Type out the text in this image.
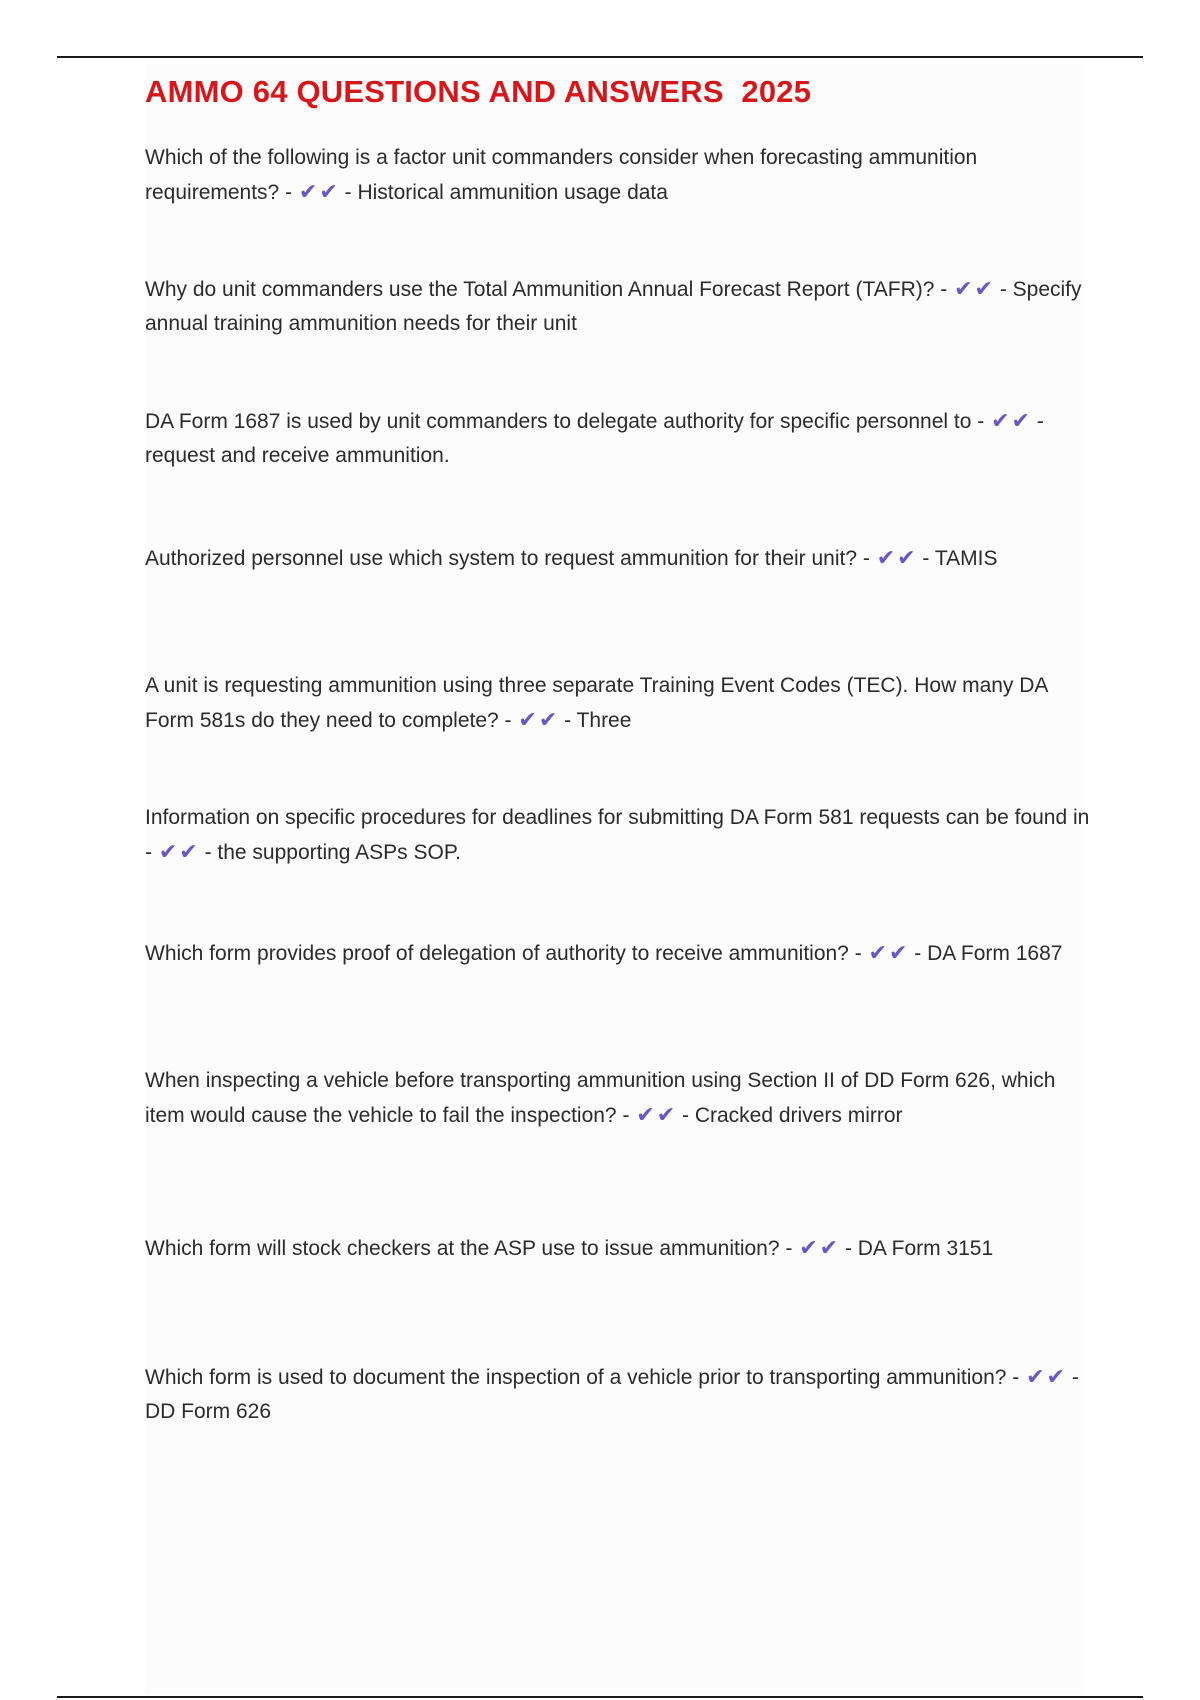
AMMO 64 QUESTIONS AND ANSWERS  2025

Which of the following is a factor unit commanders consider when forecasting ammunition requirements? - ✔✔ - Historical ammunition usage data

Why do unit commanders use the Total Ammunition Annual Forecast Report (TAFR)? - ✔✔ - Specify annual training ammunition needs for their unit

DA Form 1687 is used by unit commanders to delegate authority for specific personnel to - ✔✔ - request and receive ammunition.

Authorized personnel use which system to request ammunition for their unit? - ✔✔ - TAMIS

A unit is requesting ammunition using three separate Training Event Codes (TEC). How many DA Form 581s do they need to complete? - ✔✔ - Three

Information on specific procedures for deadlines for submitting DA Form 581 requests can be found in - ✔✔ - the supporting ASPs SOP.

Which form provides proof of delegation of authority to receive ammunition? - ✔✔ - DA Form 1687

When inspecting a vehicle before transporting ammunition using Section II of DD Form 626, which item would cause the vehicle to fail the inspection? - ✔✔ - Cracked drivers mirror

Which form will stock checkers at the ASP use to issue ammunition? - ✔✔ - DA Form 3151

Which form is used to document the inspection of a vehicle prior to transporting ammunition? - ✔✔ - DD Form 626
